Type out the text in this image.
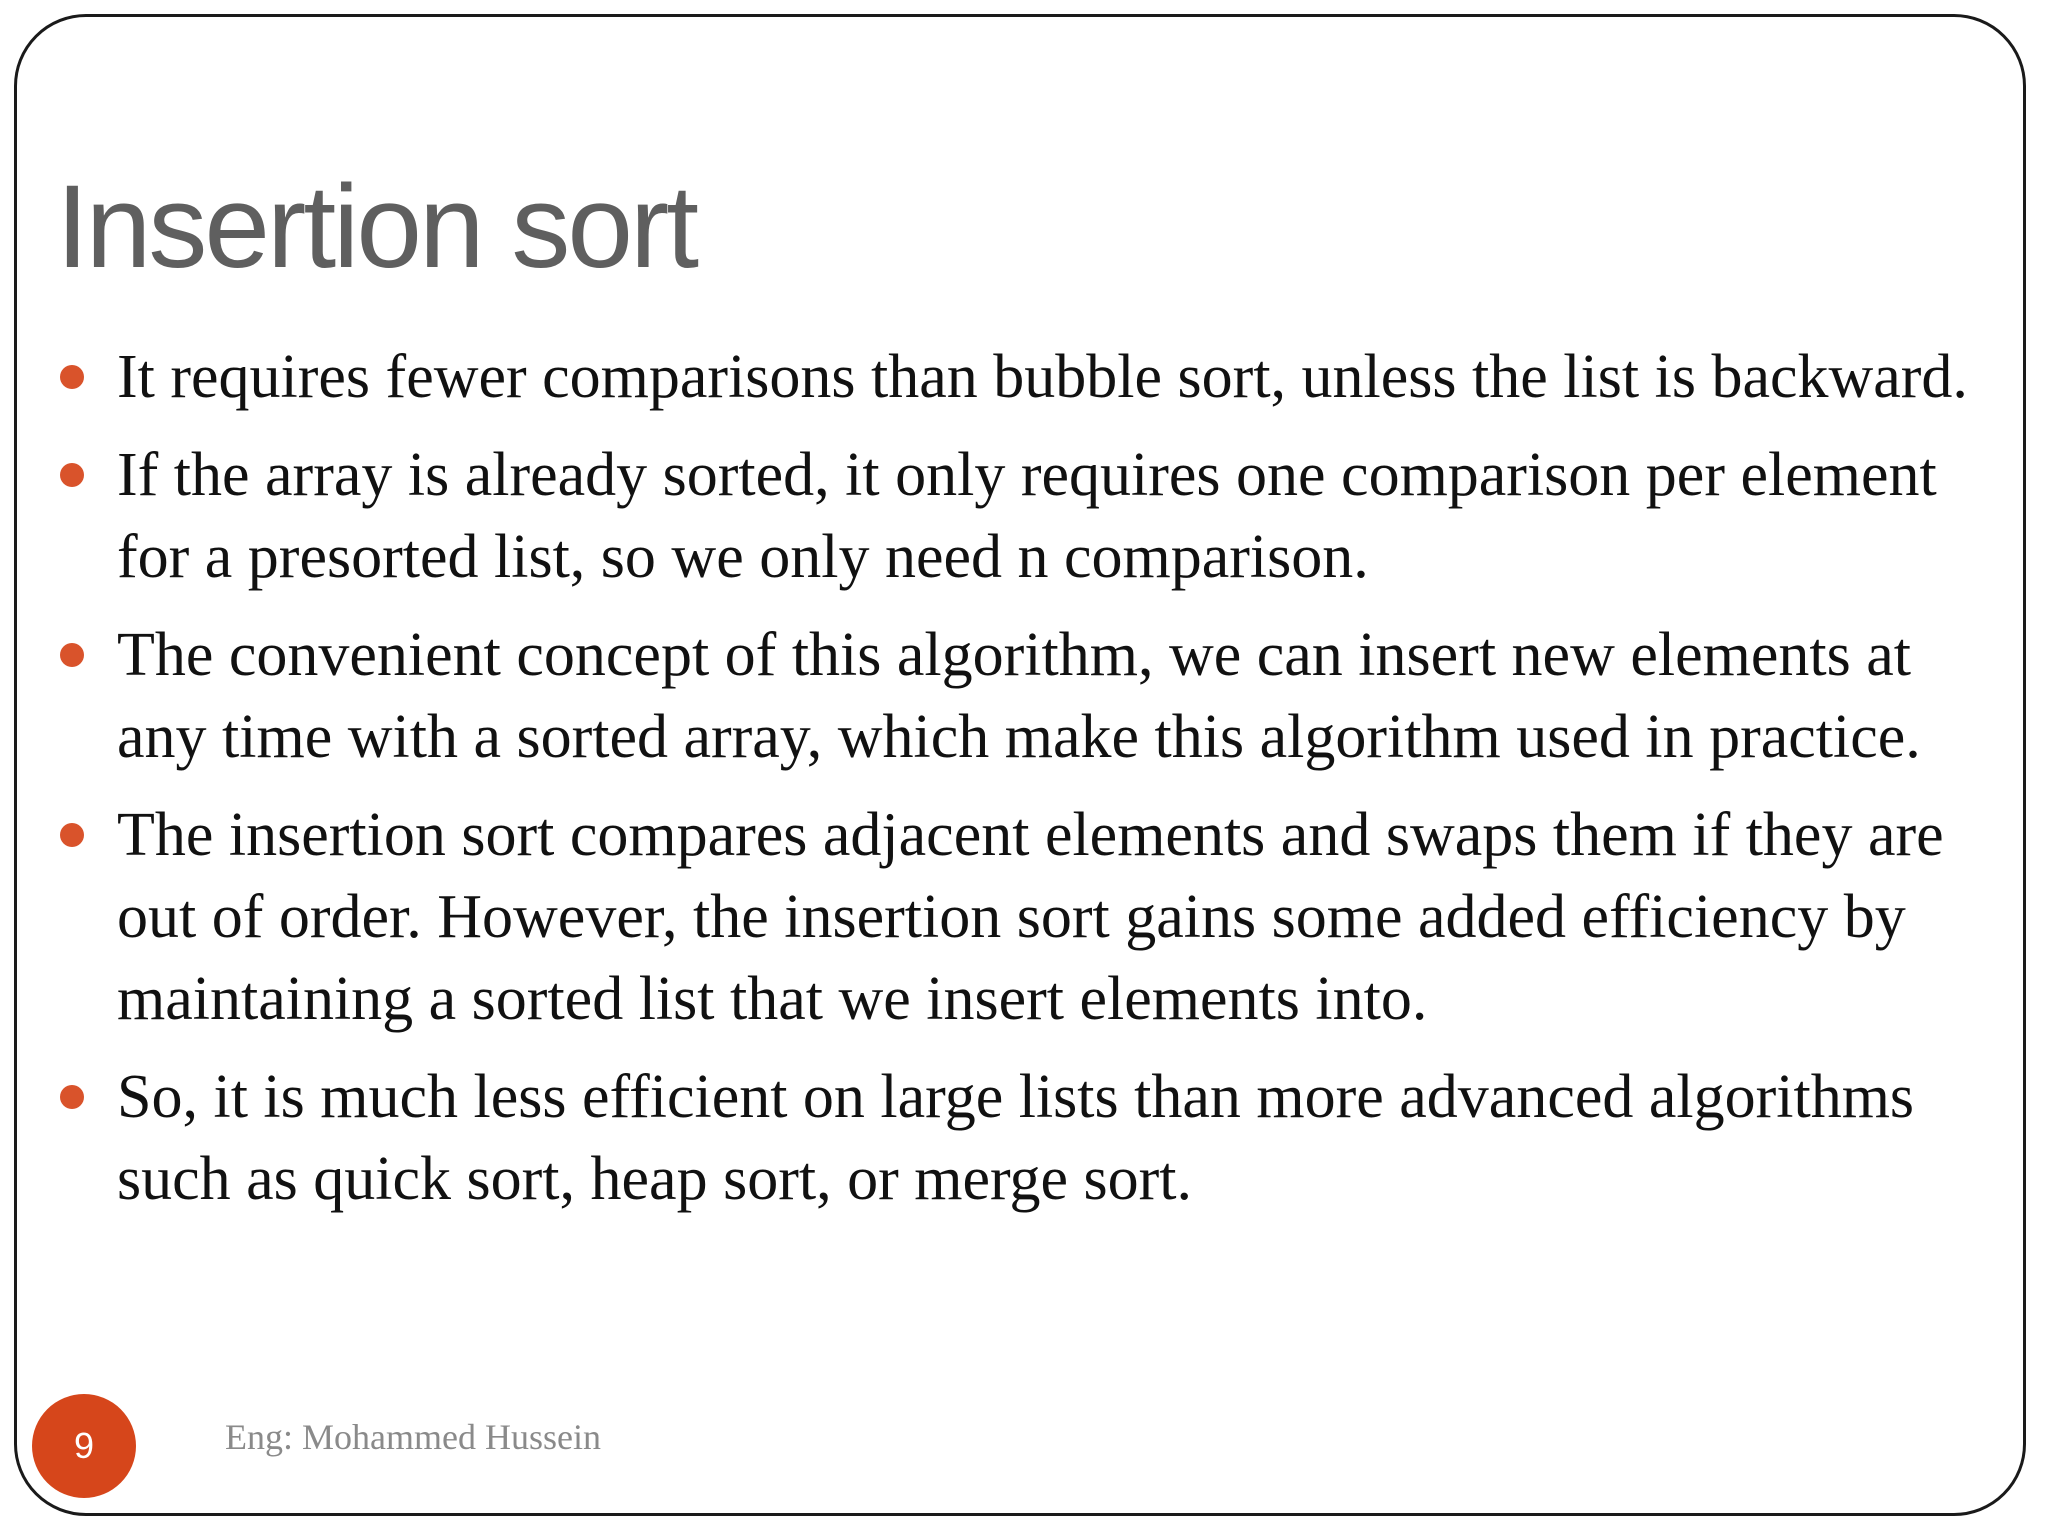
Insertion sort
It requires fewer comparisons than bubble sort, unless the list is backward.
If the array is already sorted, it only requires one comparison per element
for a presorted list, so we only need n comparison.
The convenient concept of this algorithm, we can insert new elements at
any time with a sorted array, which make this algorithm used in practice.
The insertion sort compares adjacent elements and swaps them if they are
out of order. However, the insertion sort gains some added efficiency by
maintaining a sorted list that we insert elements into.
So, it is much less efficient on large lists than more advanced algorithms
such as quick sort, heap sort, or merge sort.
9	Eng: Mohammed Hussein
